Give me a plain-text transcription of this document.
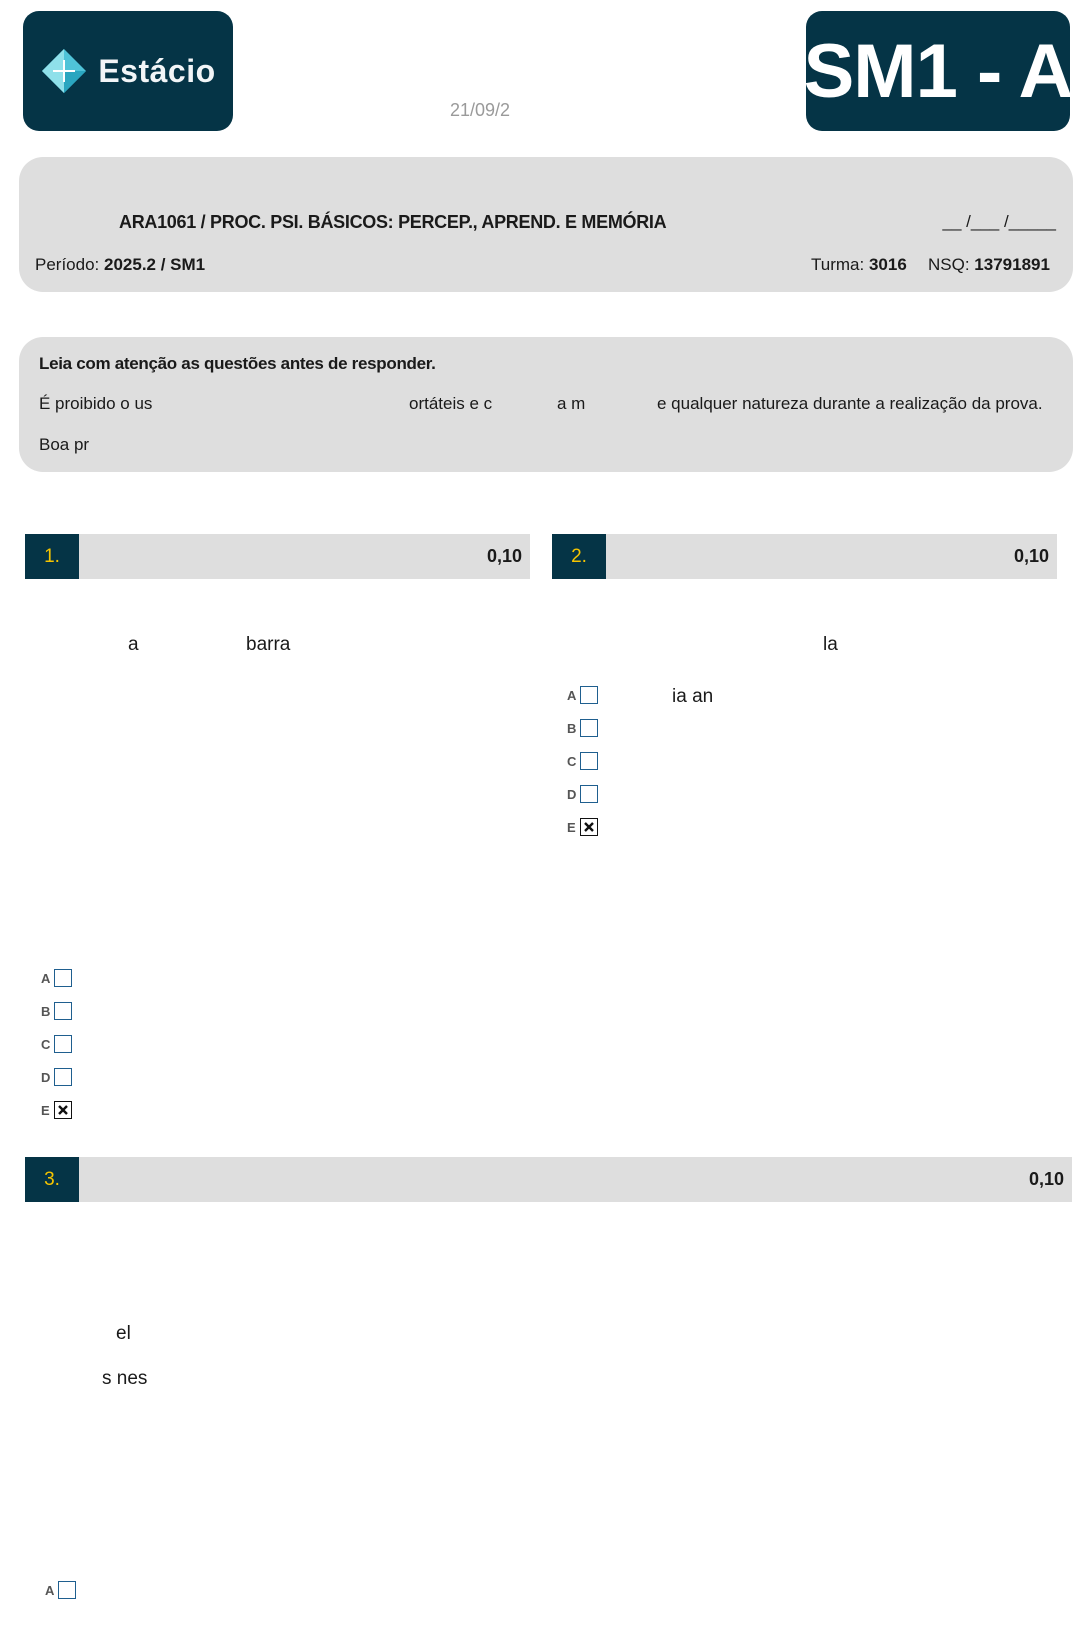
Estácio
21/09/2	SM1 - A
ARA1061 / PROC. PSI. BÁSICOS: PERCEP., APREND. E MEMÓRIA	__ /___ /_____
Período: 2025.2 / SM1	Turma: 3016 NSQ: 13791891
Leia com atenção as questões antes de responder.
É proibido o us	ortáteis e c	a m	e qualquer natureza durante a realização da prova.
Boa pr
1.	0,10
a	barra
A
B
C
D
E
2.	0,10
la
ia an
A
B
C
D
E
3.	0,10
el
s nes
A
